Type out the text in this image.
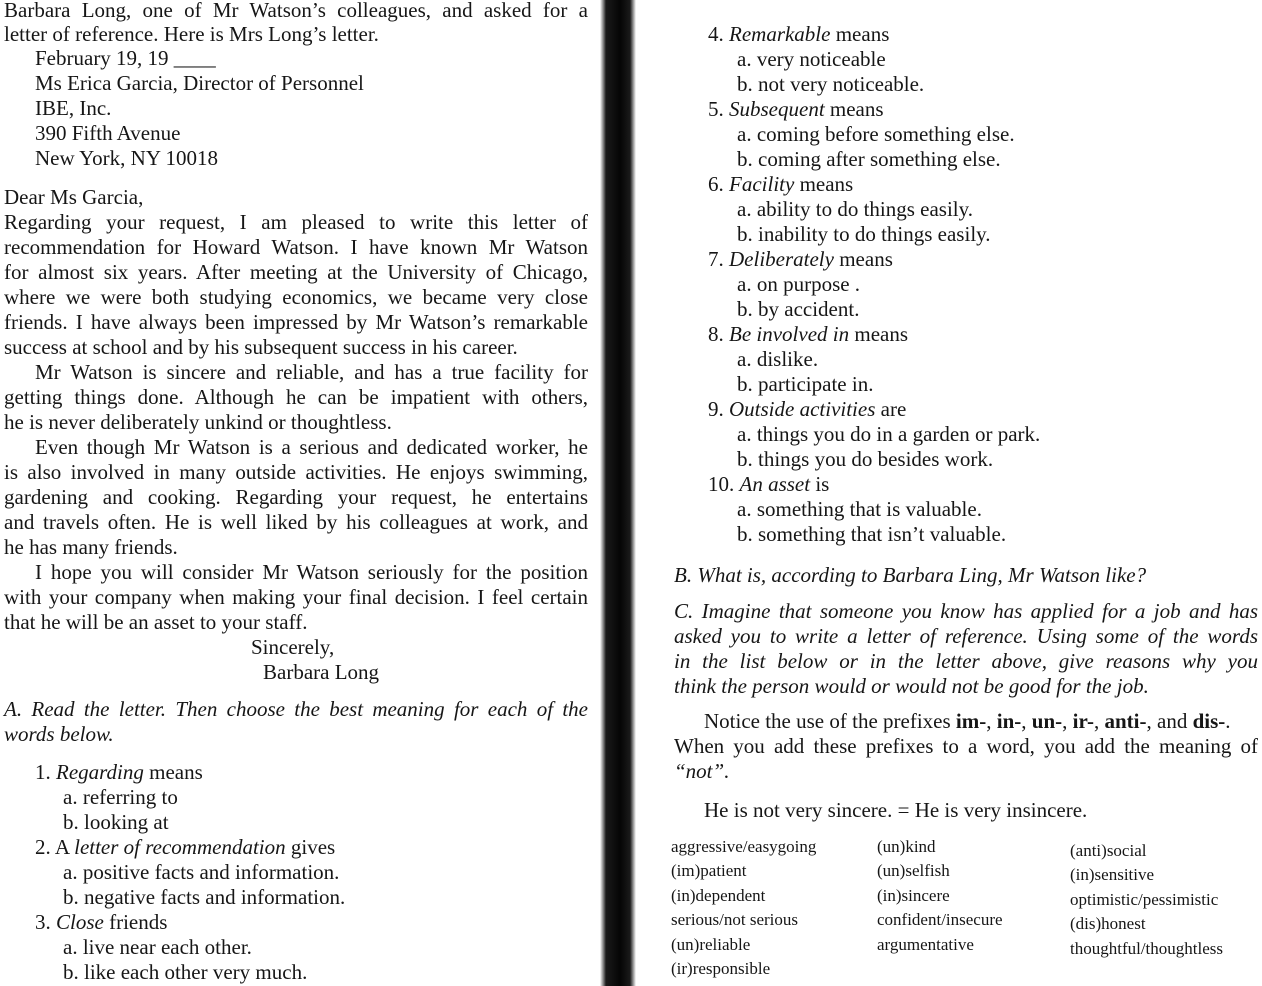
Barbara Long, one of Mr Watson’s colleagues, and asked for a
letter of reference. Here is Mrs Long’s letter.
February 19, 19 ____
Ms Erica Garcia, Director of Personnel
IBE, Inc.
390 Fifth Avenue
New York, NY 10018
Dear Ms Garcia,
Regarding your request, I am pleased to write this letter of
recommendation for Howard Watson. I have known Mr Watson
for almost six years. After meeting at the University of Chicago,
where we were both studying economics, we became very close
friends. I have always been impressed by Mr Watson’s remarkable
success at school and by his subsequent success in his career.
Mr Watson is sincere and reliable, and has a true facility for
getting things done. Although he can be impatient with others,
he is never deliberately unkind or thoughtless.
Even though Mr Watson is a serious and dedicated worker, he
is also involved in many outside activities. He enjoys swimming,
gardening and cooking. Regarding your request, he entertains
and travels often. He is well liked by his colleagues at work, and
he has many friends.
I hope you will consider Mr Watson seriously for the position
with your company when making your final decision. I feel certain
that he will be an asset to your staff.
Sincerely,
Barbara Long
A. Read the letter. Then choose the best meaning for each of the
words below.
1. Regarding means
a. referring to
b. looking at
2. A letter of recommendation gives
a. positive facts and information.
b. negative facts and information.
3. Close friends
a. live near each other.
b. like each other very much.
4. Remarkable means
a. very noticeable
b. not very noticeable.
5. Subsequent means
a. coming before something else.
b. coming after something else.
6. Facility means
a. ability to do things easily.
b. inability to do things easily.
7. Deliberately means
a. on purpose .
b. by accident.
8. Be involved in means
a. dislike.
b. participate in.
9. Outside activities are
a. things you do in a garden or park.
b. things you do besides work.
10. An asset is
a. something that is valuable.
b. something that isn’t valuable.
B. What is, according to Barbara Ling, Mr Watson like?
C. Imagine that someone you know has applied for a job and has
asked you to write a letter of reference. Using some of the words
in the list below or in the letter above, give reasons why you
think the person would or would not be good for the job.
Notice the use of the prefixes im-, in-, un-, ir-, anti-, and dis-.
When you add these prefixes to a word, you add the meaning of
“not”.
He is not very sincere. = He is very insincere.
aggressive/easygoing
(im)patient
(in)dependent
serious/not serious
(un)reliable
(ir)responsible
(un)kind
(un)selfish
(in)sincere
confident/insecure
argumentative
(anti)social
(in)sensitive
optimistic/pessimistic
(dis)honest
thoughtful/thoughtless
